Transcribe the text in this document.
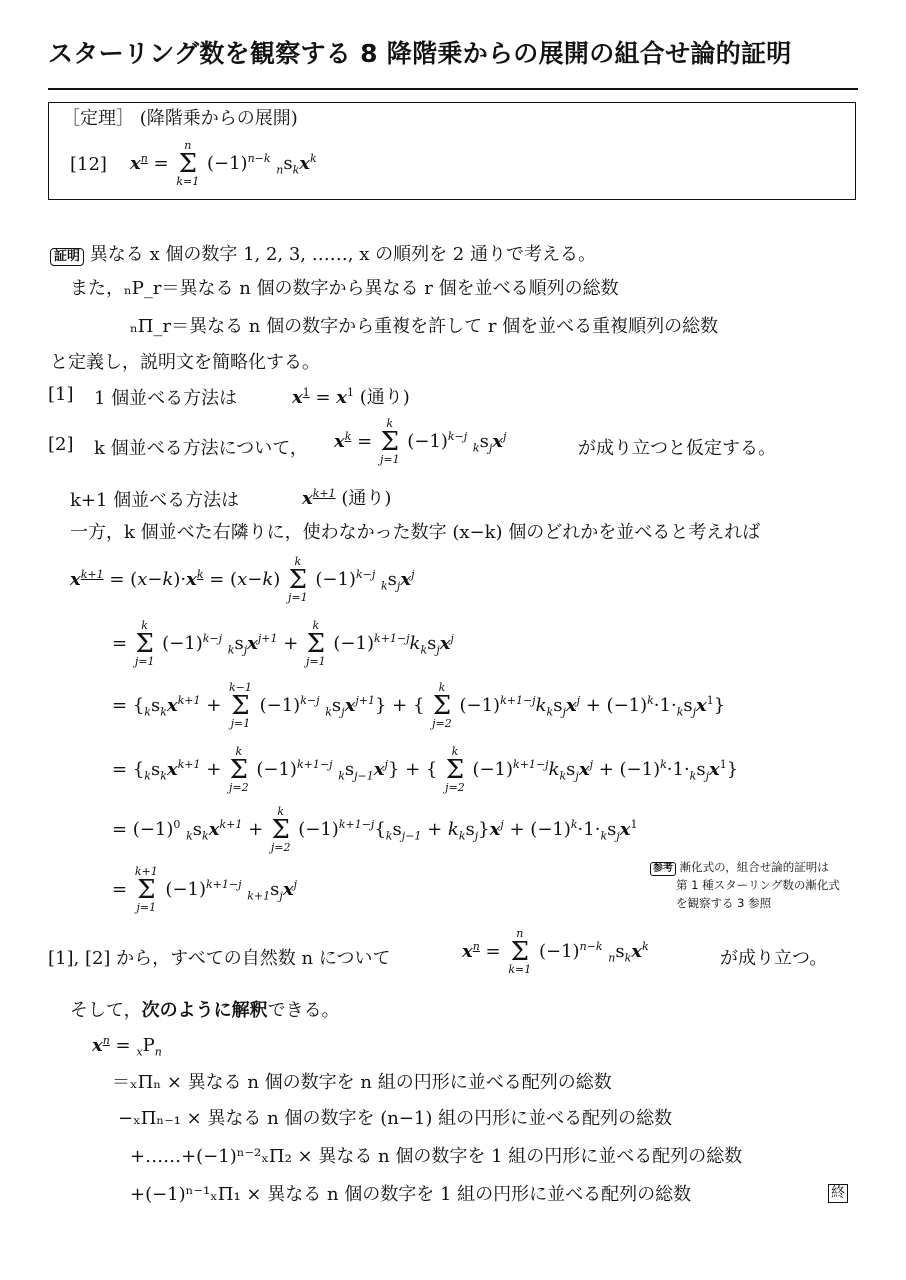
スターリング数を観察する 8 降階乗からの展開の組合せ論的証明
［定理］ (降階乗からの展開)
[12] $x^n$ =
n
Σ
k=1
$(-1)^{n-k}$ $_ns_kx^k$
証明 異なる x 個の数字 1, 2, 3, ……, x の順列を 2 通りで考える。
また，ₙP_r＝異なる n 個の数字から異なる r 個を並べる順列の総数
ₙΠ_r＝異なる n 個の数字から重複を許して r 個を並べる重複順列の総数
と定義し，説明文を簡略化する。
[1] 1 個並べる方法は	$x^1 = x^1$ (通り)
[2] k 個並べる方法について， $x^k$ =
k
Σ
j=1
$(-1)^{k-j}$ $_ks_jx^j$
が成り立つと仮定する。
k+1 個並べる方法は	$x^{k+1}$ (通り)
一方，k 個並べた右隣りに，使わなかった数字 (x−k) 個のどれかを並べると考えれば
$x^{k+1} = (x-k)\cdot x^k = (x-k)$
k
Σ
j=1
$(-1)^{k-j}$ $_ks_jx^j$
=
k
Σ
j=1
$(-1)^{k-j}$ $_ks_jx^{j+1}$ +
k
Σ
j=1
$(-1)^{k+1-j}k_ks_jx^j$
= {$_ks_kx^{k+1}$ +
k−1
Σ
j=1
$(-1)^{k-j}$ $_ks_jx^{j+1}$} + {
k
Σ
j=2
$(-1)^{k+1-j}k_ks_jx^j + (-1)^k\cdot 1\cdot_ks_jx^1$}
= {$_ks_kx^{k+1}$ +
k
Σ
j=2
$(-1)^{k+1-j}$ $_ks_{j-1}x^j$} + {
k
Σ
j=2
$(-1)^{k+1-j}k_ks_jx^j + (-1)^k\cdot 1\cdot_ks_jx^1$}
= $(-1)^0$ $_ks_kx^{k+1}$ +
k
Σ
j=2
$(-1)^{k+1-j}\{_ks_{j-1} + k_ks_j\}x^j + (-1)^k\cdot 1\cdot_ks_jx^1$
=
k+1
Σ
j=1
$(-1)^{k+1-j}$ $_{k+1}s_jx^j$
参考 漸化式の，組合せ論的証明は
第 1 種スターリング数の漸化式
を観察する 3 参照
[1], [2] から，すべての自然数 n について	$x^n$ =
n
Σ
k=1
$(-1)^{n-k}$ $_ns_kx^k$
が成り立つ。
そして，次のように解釈できる。
$x^n = _xP_n$
＝ₓΠₙ × 異なる n 個の数字を n 組の円形に並べる配列の総数
−ₓΠₙ₋₁ × 異なる n 個の数字を (n−1) 組の円形に並べる配列の総数
+……+(−1)ⁿ⁻²ₓΠ₂ × 異なる n 個の数字を 1 組の円形に並べる配列の総数
+(−1)ⁿ⁻¹ₓΠ₁ × 異なる n 個の数字を 1 組の円形に並べる配列の総数	終
